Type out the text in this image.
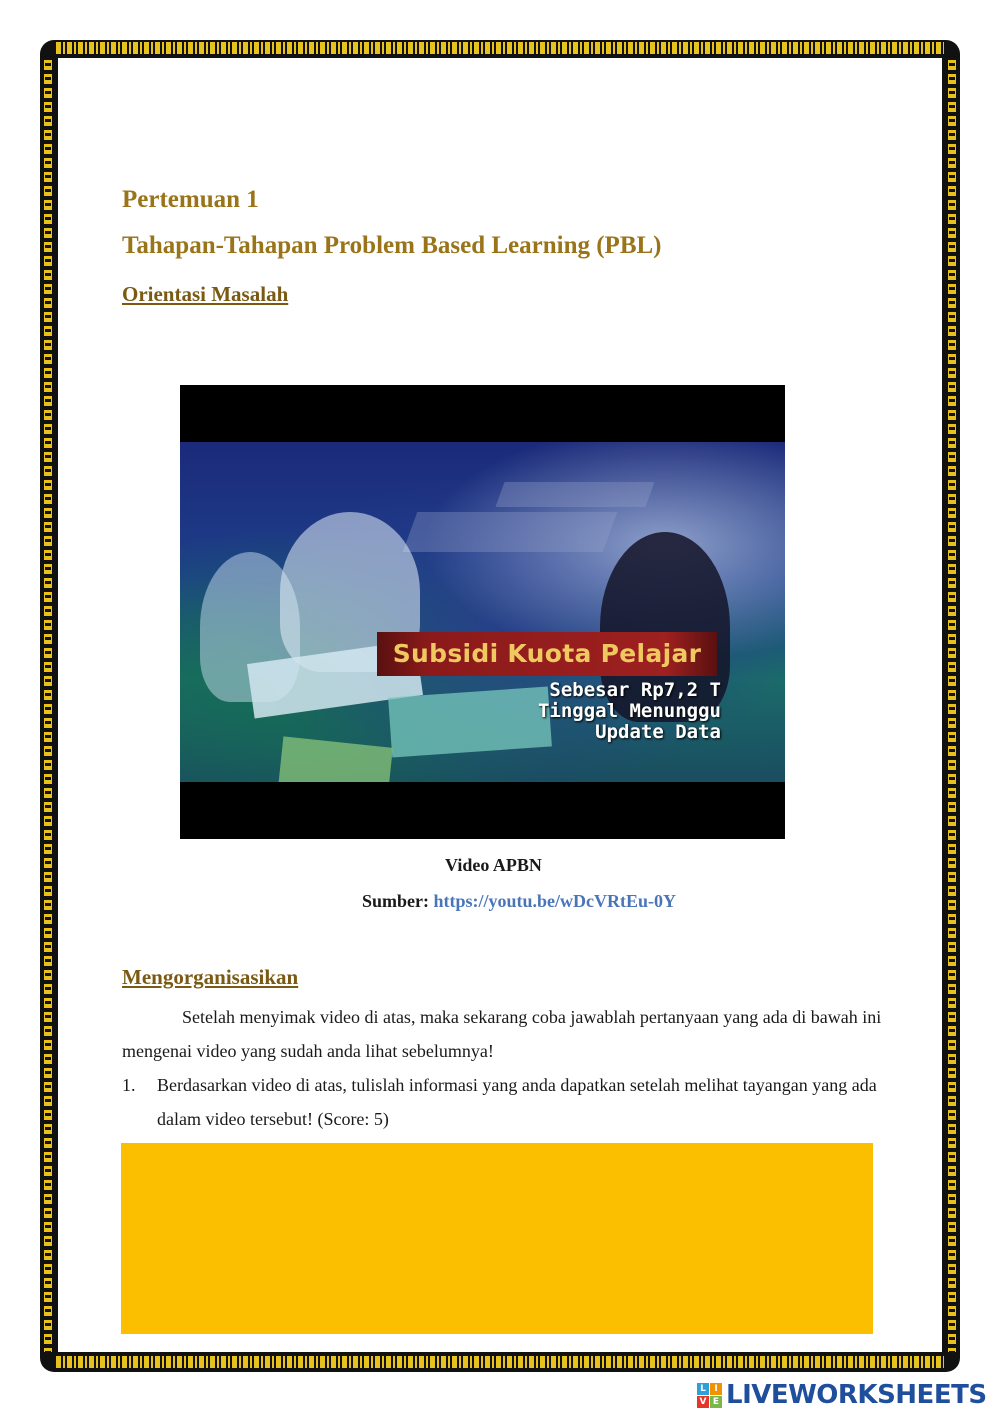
Pertemuan 1
Tahapan-Tahapan Problem Based Learning (PBL)
Orientasi Masalah
Subsidi Kuota Pelajar
Sebesar Rp7,2 T
Tinggal Menunggu
Update Data

Video APBN

Sumber: https://youtu.be/wDcVRtEu-0Y

Mengorganisasikan

Setelah menyimak video di atas, maka sekarang coba jawablah pertanyaan yang ada di bawah ini mengenai video yang sudah anda lihat sebelumnya!

1. Berdasarkan video di atas, tulislah informasi yang anda dapatkan setelah melihat tayangan yang ada dalam video tersebut! (Score: 5)
L I
V E LIVEWORKSHEETS
